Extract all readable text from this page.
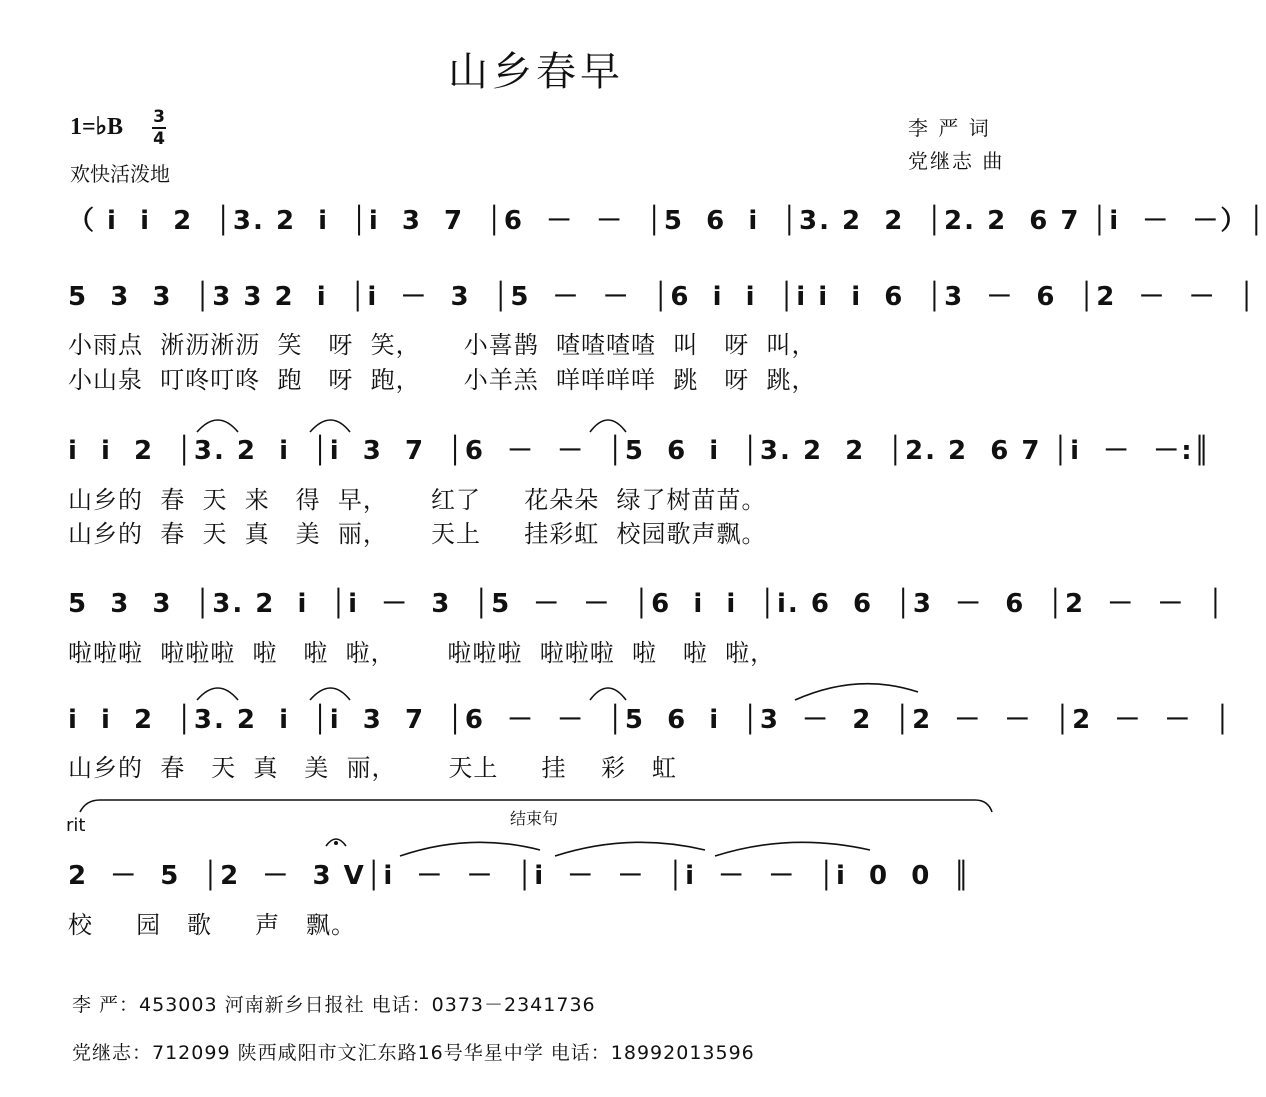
山乡春早
1=♭B 3
4
欢快活泼地
李 严 词
党继志 曲
（ i  i  2  │3. 2  i  │i  3  7  │6  －  －  │5  6  i  │3. 2  2  │2. 2  6 7 │i  －  －）│
5  3  3  │3 3 2  i  │i  －  3  │5  －  －  │6  i  i  │i i  i  6  │3  －  6  │2  －  －  │
小雨点  淅沥淅沥  笑   呀  笑，     小喜鹊  喳喳喳喳  叫   呀  叫，
小山泉  叮咚叮咚  跑   呀  跑，     小羊羔  咩咩咩咩  跳   呀  跳，
i  i  2  │3. 2  i  │i  3  7  │6  －  －  │5  6  i  │3. 2  2  │2. 2  6 7 │i  －  －:║
山乡的  春  天  来   得  早，     红了     花朵朵  绿了树苗苗。
山乡的  春  天  真   美  丽，     天上     挂彩虹  校园歌声飘。
5  3  3  │3. 2  i  │i  －  3  │5  －  －  │6  i  i  │i. 6  6  │3  －  6  │2  －  －  │
啦啦啦  啦啦啦  啦   啦  啦，      啦啦啦  啦啦啦  啦   啦  啦，
i  i  2  │3. 2  i  │i  3  7  │6  －  －  │5  6  i  │3  －  2  │2  －  －  │2  －  －  │
山乡的  春   天  真   美  丽，      天上     挂    彩   虹
rit	结束句
2  －  5  │2  －  3 V│i  －  －  │i  －  －  │i  －  －  │i  0  0  ║
校     园   歌     声   飘。
李 严：453003 河南新乡日报社 电话：0373－2341736
党继志：712099 陕西咸阳市文汇东路16号华星中学 电话：18992013596
